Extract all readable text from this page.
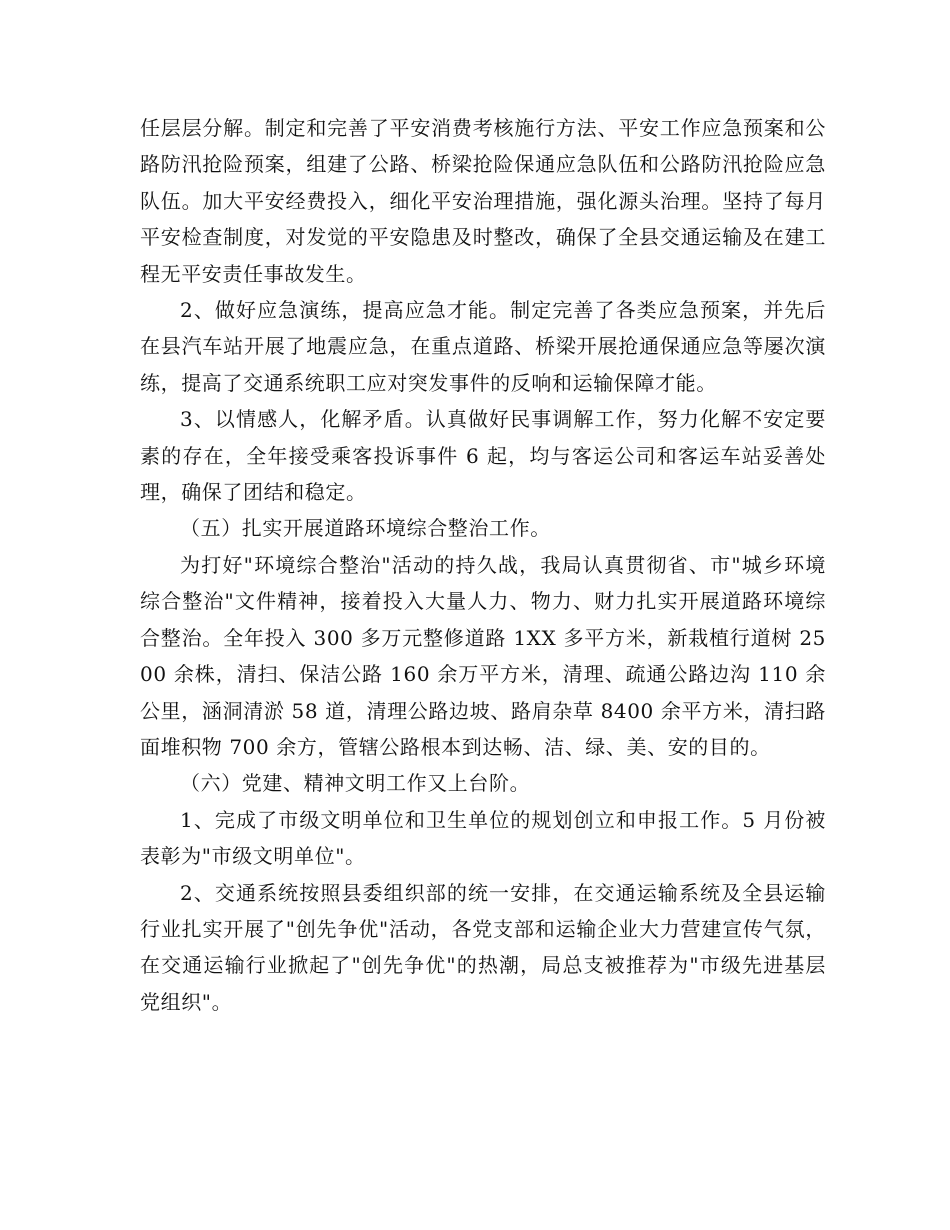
任层层分解。制定和完善了平安消费考核施行方法、平安工作应急预案和公路防汛抢险预案，组建了公路、桥梁抢险保通应急队伍和公路防汛抢险应急队伍。加大平安经费投入，细化平安治理措施，强化源头治理。坚持了每月平安检查制度，对发觉的平安隐患及时整改，确保了全县交通运输及在建工程无平安责任事故发生。

2、做好应急演练，提高应急才能。制定完善了各类应急预案，并先后在县汽车站开展了地震应急，在重点道路、桥梁开展抢通保通应急等屡次演练，提高了交通系统职工应对突发事件的反响和运输保障才能。

3、以情感人，化解矛盾。认真做好民事调解工作，努力化解不安定要素的存在，全年接受乘客投诉事件 6 起，均与客运公司和客运车站妥善处理，确保了团结和稳定。

（五）扎实开展道路环境综合整治工作。

为打好"环境综合整治"活动的持久战，我局认真贯彻省、市"城乡环境综合整治"文件精神，接着投入大量人力、物力、财力扎实开展道路环境综合整治。全年投入 300 多万元整修道路 1XX 多平方米，新栽植行道树 2500 余株，清扫、保洁公路 160 余万平方米，清理、疏通公路边沟 110 余公里，涵洞清淤 58 道，清理公路边坡、路肩杂草 8400 余平方米，清扫路面堆积物 700 余方，管辖公路根本到达畅、洁、绿、美、安的目的。

（六）党建、精神文明工作又上台阶。

1、完成了市级文明单位和卫生单位的规划创立和申报工作。5 月份被表彰为"市级文明单位"。

2、交通系统按照县委组织部的统一安排，在交通运输系统及全县运输行业扎实开展了"创先争优"活动，各党支部和运输企业大力营建宣传气氛，在交通运输行业掀起了"创先争优"的热潮，局总支被推荐为"市级先进基层党组织"。
